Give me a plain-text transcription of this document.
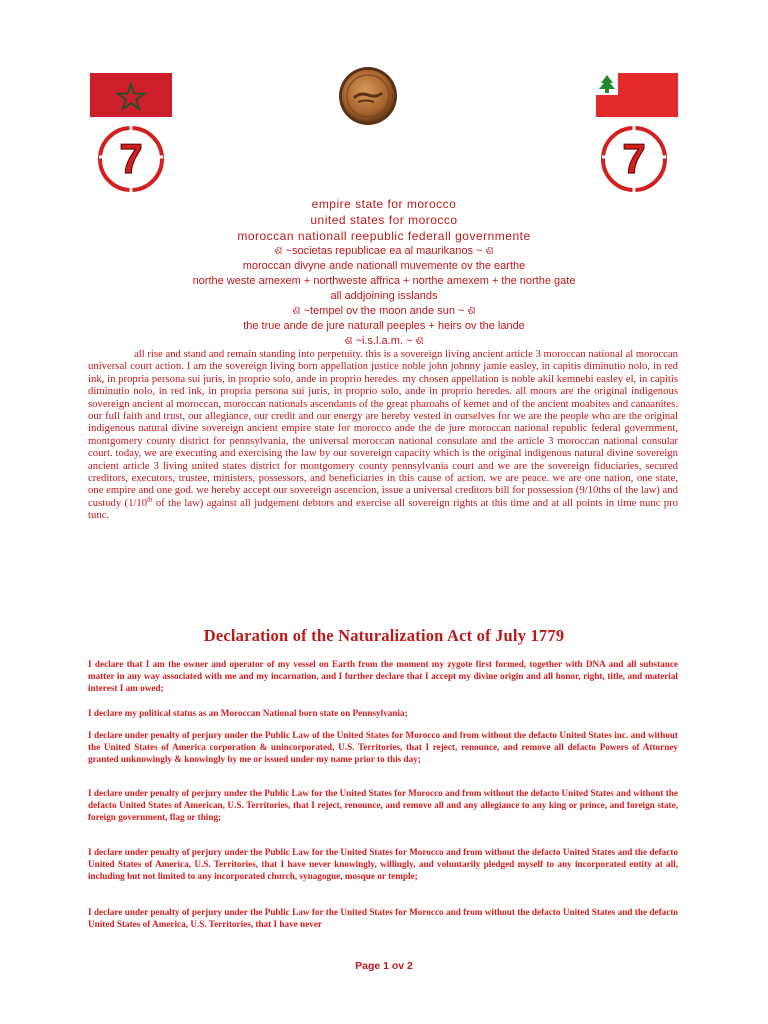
7	7
empire state for morocco
united states for morocco
moroccan nationall reepublic federall governmente
ଶ ~societas republicae ea al maurikanos ~ ଶ
moroccan divyne ande nationall muvemente ov the earthe
northe weste amexem + northweste affrica + northe amexem + the northe gate
all addjoining isslands
ଶ ~tempel ov the moon ande sun ~ ଶ
the true ande de jure naturall peeples + heirs ov the lande
ଶ ~i.s.l.a.m. ~ ଶ
all rise and stand and remain standing into perpetuity. this is a sovereign living ancient article 3 moroccan national al moroccan universal court action. I am the sovereign living born appellation justice noble john johnny jamie easley, in capitis diminutio nolo, in red ink, in propria persona sui juris, in proprio solo, ande in proprio heredes. my chosen appellation is noble akil kemnebi easley el, in capitis diminutio nolo, in red ink, in propria persona sui juris, in proprio solo, ande in proprio heredes. all moors are the original indigenous sovereign ancient al moroccan, moroccan nationals ascendants of the great pharoahs of kemet and of the ancient moabites and canaanites. our full faith and trust, our allegiance, our credit and our energy are hereby vested in ourselves for we are the people who are the original indigenous natural divine sovereign ancient empire state for morocco ande the de jure moroccan national republic federal government, montgomery county district for pennsylvania, the universal moroccan national consulate and the article 3 moroccan national consular court. today, we are executing and exercising the law by our sovereign capacity which is the original indigenous natural divine sovereign ancient article 3 living united states district for montgomery county pennsylvania court and we are the sovereign fiduciaries, secured creditors, executors, trustee, ministers, possessors, and beneficiaries in this cause of action. we are peace. we are one nation, one state, one empire and one god. we hereby accept our sovereign ascencion, issue a universal creditors bill for possession (9/10ths of the law) and custody (1/10th of the law) against all judgement debtors and exercise all sovereign rights at this time and at all points in time nunc pro tunc.
Declaration of the Naturalization Act of July 1779
I declare that I am the owner and operator of my vessel on Earth from the moment my zygote first formed, together with DNA and all substance matter in any way associated with me and my incarnation, and I further declare that I accept my divine origin and all honor, right, title, and material interest I am owed;
I declare my political status as an Moroccan National born state on Pennsylvania;
I declare under penalty of perjury under the Public Law of the United States for Morocco and from without the defacto United States inc. and without the United States of America corporation & unincorporated, U.S. Territories, that I reject, renounce, and remove all defacto Powers of Attorney granted unknowingly & knowingly by me or issued under my name prior to this day;
I declare under penalty of perjury under the Public Law for the United States for Morocco and from without the defacto United States and without the defacto United States of American, U.S. Territories, that I reject, renounce, and remove all and any allegiance to any king or prince, and foreign state, foreign government, flag or thing;
I declare under penalty of perjury under the Public Law for the United States for Morocco and from without the defacto United States and the defacto United States of America, U.S. Territories, that I have never knowingly, willingly, and voluntarily pledged myself to any incorporated entity at all, including but not limited to any incorporated church, synagogue, mosque or temple;
I declare under penalty of perjury under the Public Law for the United States for Morocco and from without the defacto United States and the defacto United States of America, U.S. Territories, that I have never
Page 1 ov 2
